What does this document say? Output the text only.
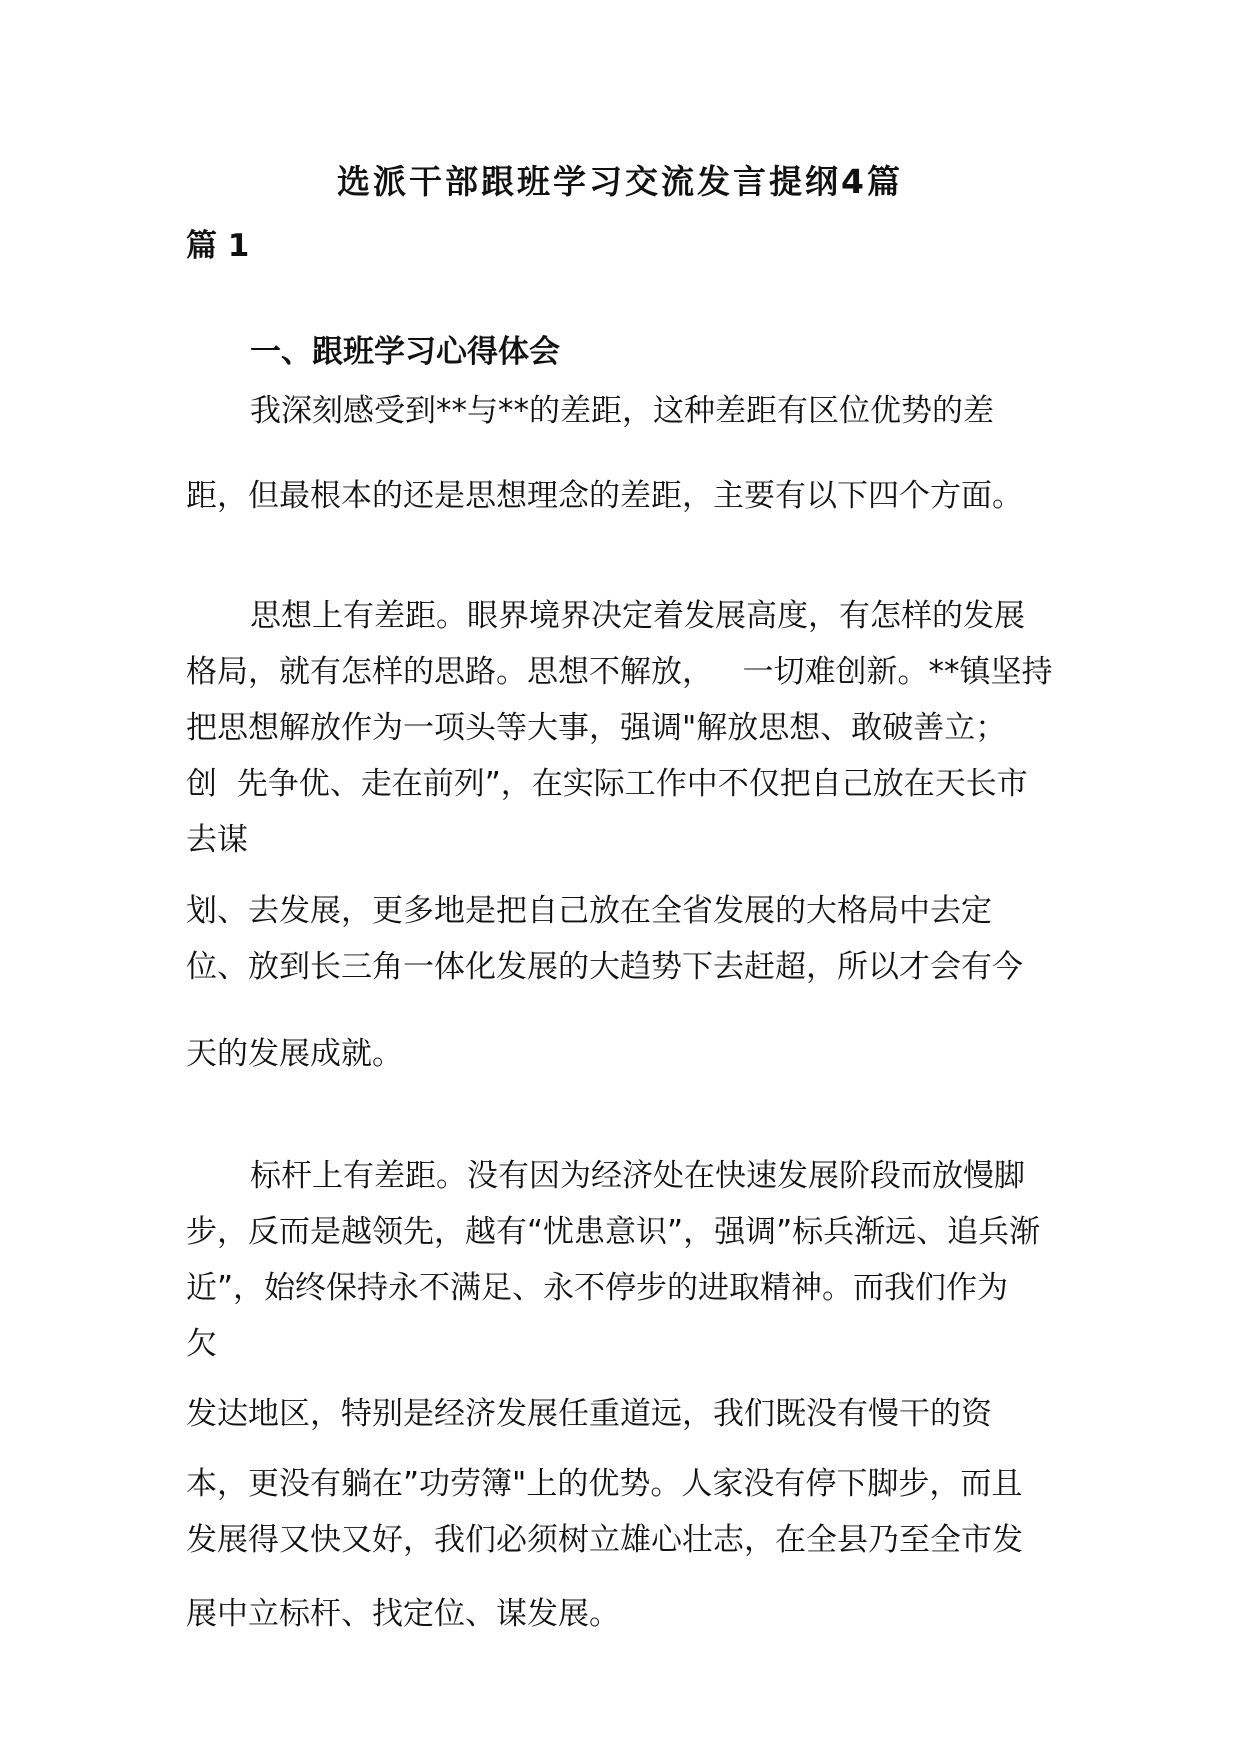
选派干部跟班学习交流发言提纲4篇
篇 1
一、跟班学习心得体会
我深刻感受到**与**的差距，这种差距有区位优势的差
距，但最根本的还是思想理念的差距，主要有以下四个方面。
思想上有差距。眼界境界决定着发展高度，有怎样的发展
格局，就有怎样的思路。思想不解放，   一切难创新。**镇坚持
把思想解放作为一项头等大事，强调"解放思想、敢破善立；
创  先争优、走在前列”，在实际工作中不仅把自己放在天长市
去谋
划、去发展，更多地是把自己放在全省发展的大格局中去定
位、放到长三角一体化发展的大趋势下去赶超，所以才会有今
天的发展成就。
标杆上有差距。没有因为经济处在快速发展阶段而放慢脚
步，反而是越领先，越有“忧患意识”，强调”标兵渐远、追兵渐
近”，始终保持永不满足、永不停步的进取精神。而我们作为
欠
发达地区，特别是经济发展任重道远，我们既没有慢干的资
本，更没有躺在”功劳簿"上的优势。人家没有停下脚步，而且
发展得又快又好，我们必须树立雄心壮志，在全县乃至全市发
展中立标杆、找定位、谋发展。
